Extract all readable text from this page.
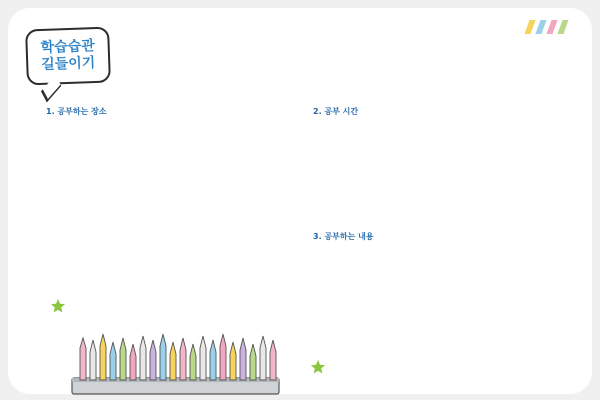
학습습관
길들이기
1. 공부하는 장소	2. 공부 시간
3. 공부하는 내용
